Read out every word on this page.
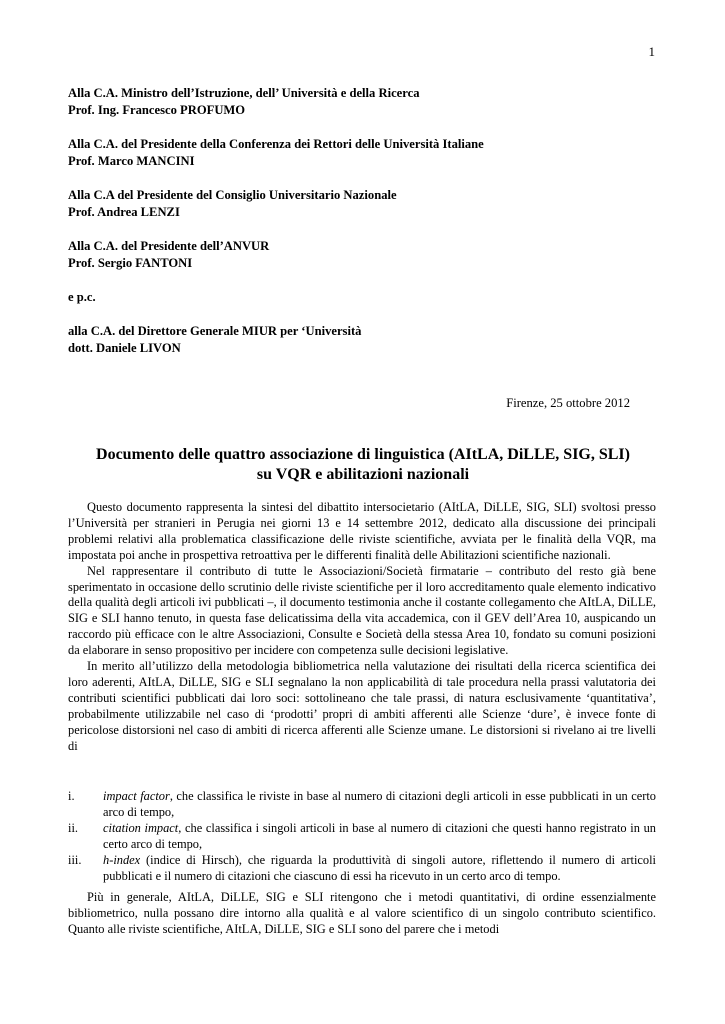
1
Alla C.A. Ministro dell’Istruzione, dell’ Università e della Ricerca
Prof. Ing. Francesco PROFUMO
Alla C.A. del Presidente della Conferenza dei Rettori delle Università Italiane
Prof. Marco MANCINI
Alla C.A del Presidente del Consiglio Universitario Nazionale
Prof. Andrea LENZI
Alla C.A. del Presidente dell’ANVUR
Prof. Sergio FANTONI
e p.c.
alla C.A. del Direttore Generale MIUR per ‘Università
dott. Daniele LIVON
Firenze, 25 ottobre 2012
Documento delle quattro associazione di linguistica (AItLA, DiLLE, SIG, SLI)
su VQR e abilitazioni nazionali

Questo documento rappresenta la sintesi del dibattito intersocietario (AItLA, DiLLE, SIG, SLI) svoltosi presso l’Università per stranieri in Perugia nei giorni 13 e 14 settembre 2012, dedicato alla discussione dei principali problemi relativi alla problematica classificazione delle riviste scientifiche, avviata per le finalità della VQR, ma impostata poi anche in prospettiva retroattiva per le differenti finalità delle Abilitazioni scientifiche nazionali.

Nel rappresentare il contributo di tutte le Associazioni/Società firmatarie – contributo del resto già bene sperimentato in occasione dello scrutinio delle riviste scientifiche per il loro accreditamento quale elemento indicativo della qualità degli articoli ivi pubblicati –, il documento testimonia anche il costante collegamento che AItLA, DiLLE, SIG e SLI hanno tenuto, in questa fase delicatissima della vita accademica, con il GEV dell’Area 10, auspicando un raccordo più efficace con le altre Associazioni, Consulte e Società della stessa Area 10, fondato su comuni posizioni da elaborare in senso propositivo per incidere con competenza sulle decisioni legislative.

In merito all’utilizzo della metodologia bibliometrica nella valutazione dei risultati della ricerca scientifica dei loro aderenti, AItLA, DiLLE, SIG e SLI segnalano la non applicabilità di tale procedura nella prassi valutatoria dei contributi scientifici pubblicati dai loro soci: sottolineano che tale prassi, di natura esclusivamente ‘quantitativa’, probabilmente utilizzabile nel caso di ‘prodotti’ propri di ambiti afferenti alle Scienze ‘dure’, è invece fonte di pericolose distorsioni nel caso di ambiti di ricerca afferenti alle Scienze umane. Le distorsioni si rivelano ai tre livelli di

i. impact factor, che classifica le riviste in base al numero di citazioni degli articoli in esse pubblicati in un certo arco di tempo,
ii. citation impact, che classifica i singoli articoli in base al numero di citazioni che questi hanno registrato in un certo arco di tempo,
iii. h-index (indice di Hirsch), che riguarda la produttività di singoli autore, riflettendo il numero di articoli pubblicati e il numero di citazioni che ciascuno di essi ha ricevuto in un certo arco di tempo.
Più in generale, AItLA, DiLLE, SIG e SLI ritengono che i metodi quantitativi, di ordine essenzialmente bibliometrico, nulla possano dire intorno alla qualità e al valore scientifico di un singolo contributo scientifico. Quanto alle riviste scientifiche, AItLA, DiLLE, SIG e SLI sono del parere che i metodi
